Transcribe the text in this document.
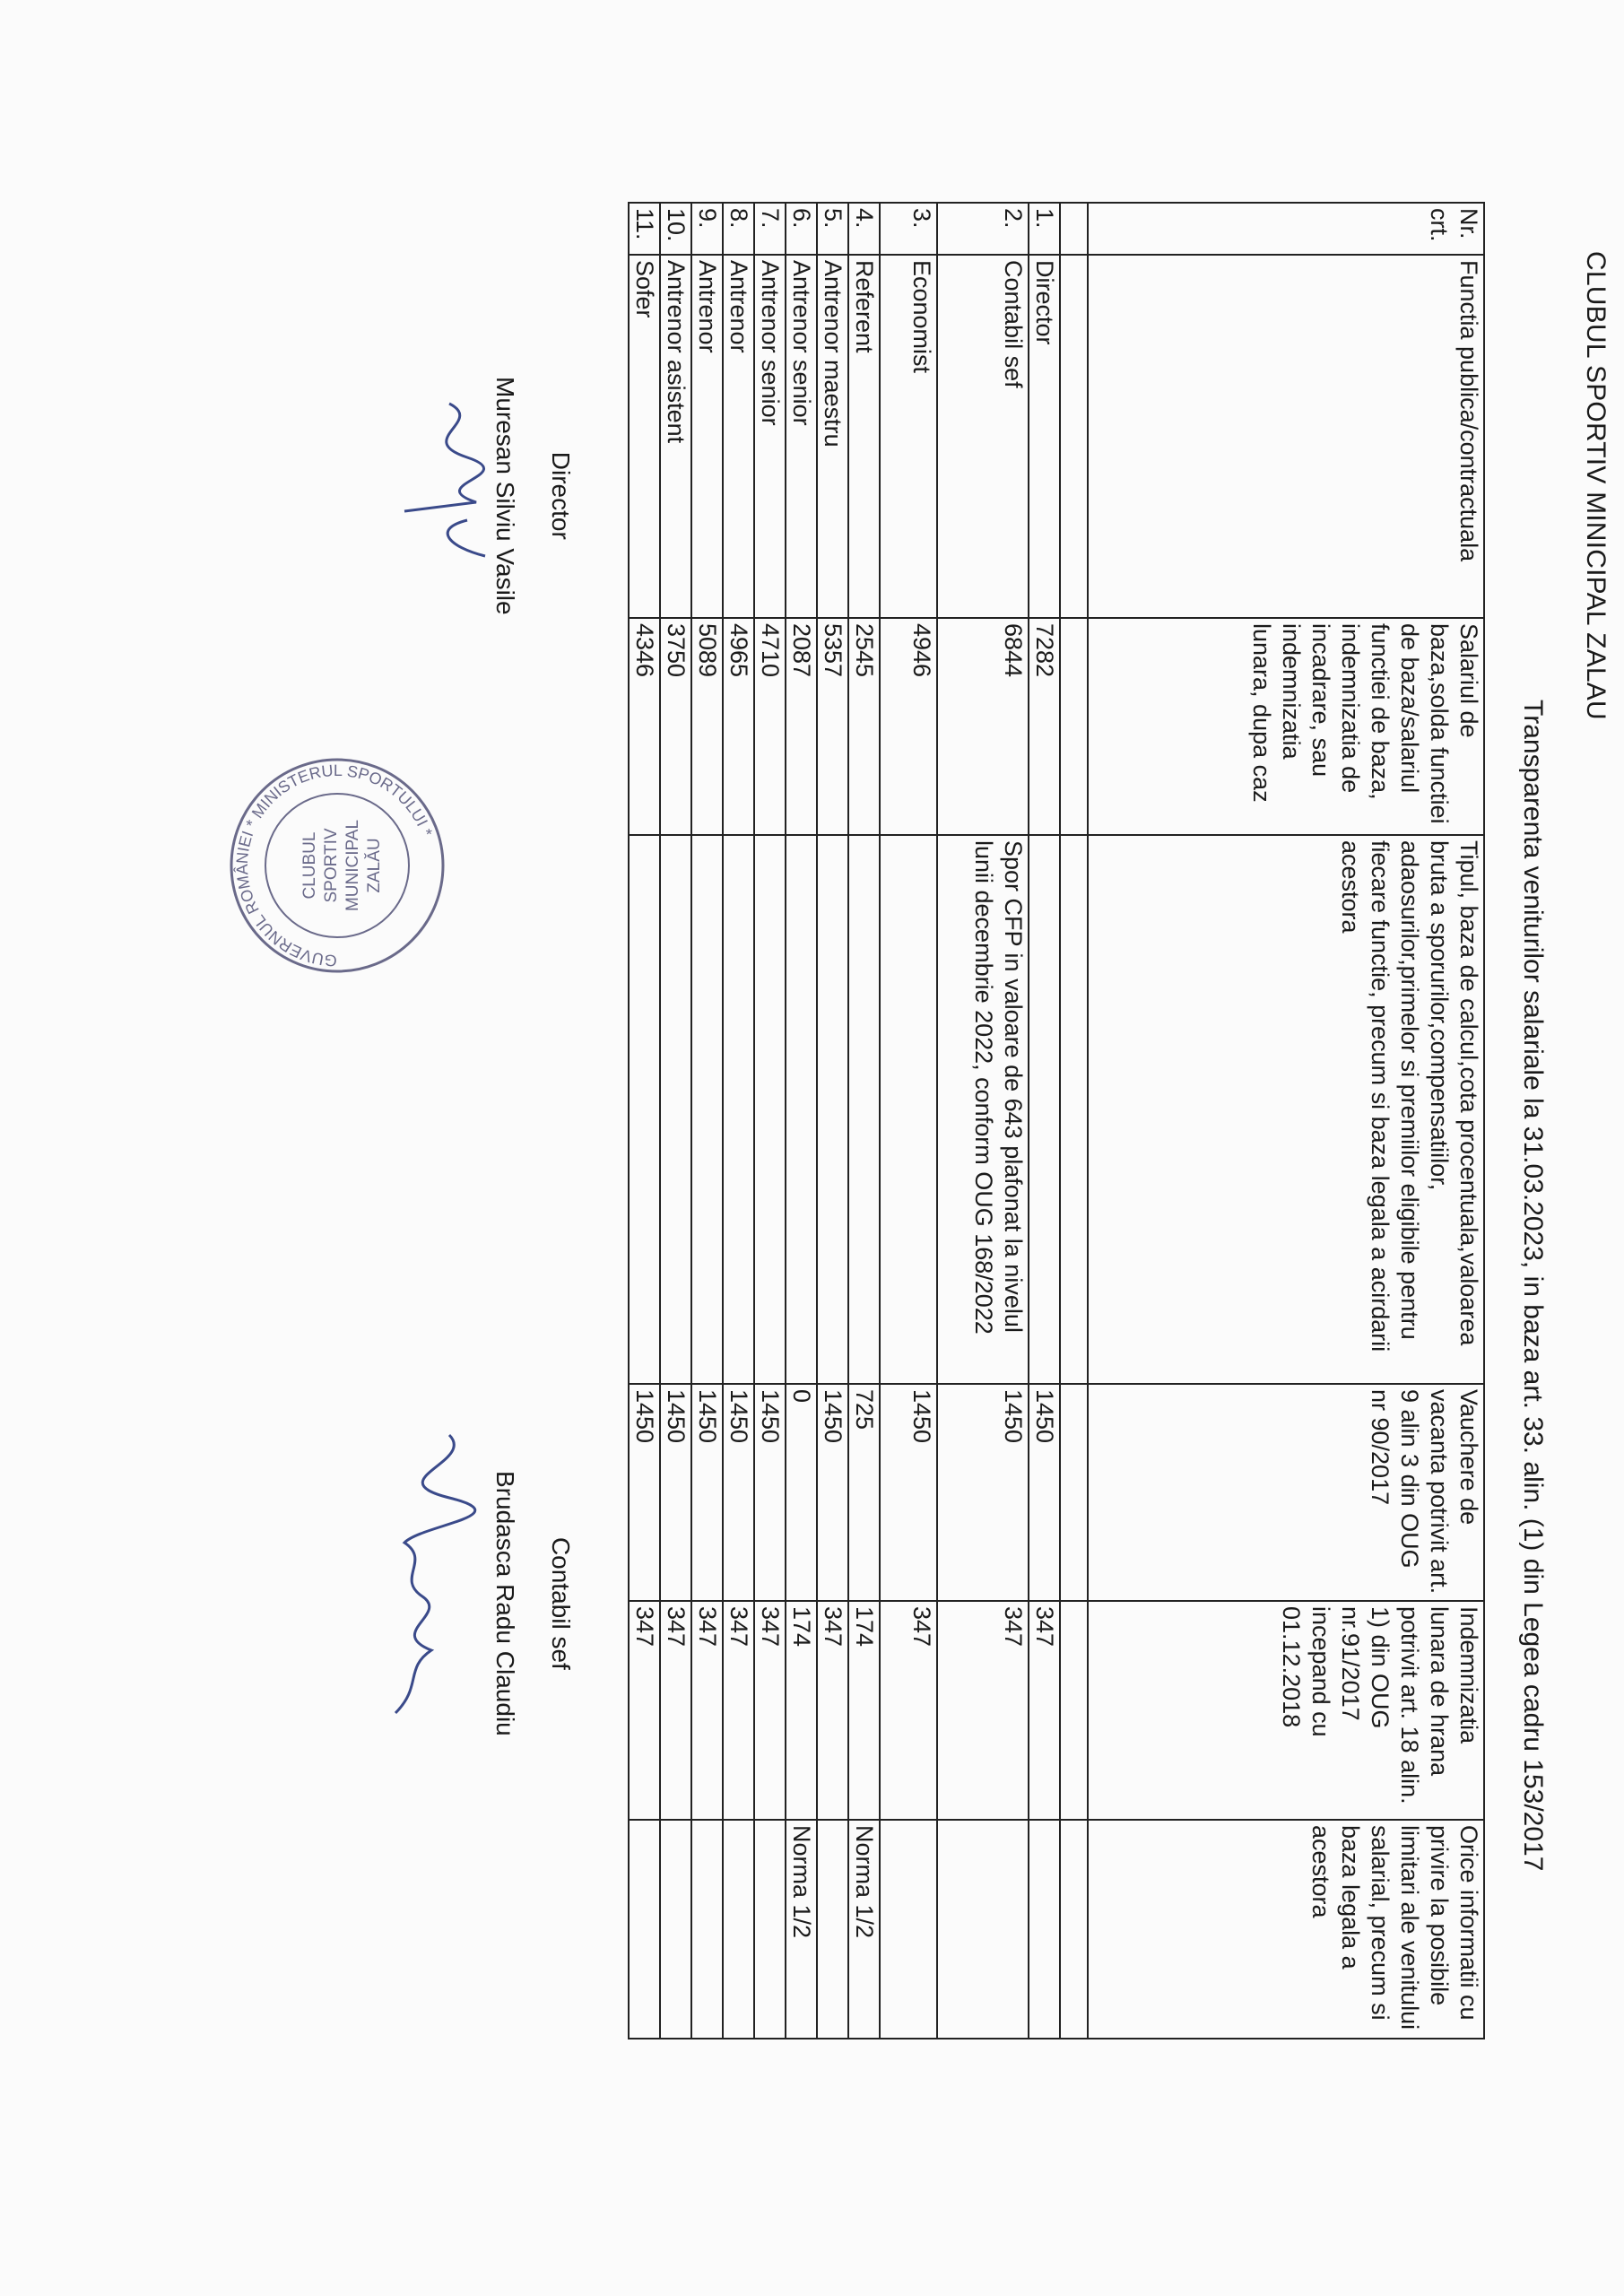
CLUBUL SPORTIV MINICIPAL ZALAU
Transparenta veniturilor salariale la 31.03.2023, in baza art. 33. alin. (1) din Legea cadru 153/2017
Nr. crt.	Functia publica/contractuala	Salariul de baza,solda functiei de baza/salariul functiei de baza, indemnizatia de incadrare, sau indemnizatia lunara, dupa caz	Tipul, baza de calcul,cota procentuala,valoarea bruta a sporurilor,compensatiilor, adaosurilor,primelor si premiilor eligibile pentru fiecare functie, precum si baza legala a acirdarii acestora	Vauchere de vacanta potrivit art. 9 alin 3 din OUG nr 90/2017	Indemnizatia lunara de hrana potrivit art. 18 alin. 1) din OUG nr.91/2017 incepand cu 01.12.2018	Orice informatii cu privire la posibile limitari ale venitului salarial, precum si baza legala a acestora

1.	Director	7282		1450	347	
2.	Contabil sef	6844	Spor CFP in valoare de 643 plafonat la nivelul lunii decembrie 2022, conform OUG 168/2022	1450	347	
3.	Economist	4946		1450	347	
4.	Referent	2545		725	174	Norma 1/2
5.	Antrenor maestru	5357		1450	347	
6.	Antrenor senior	2087		0	174	Norma 1/2
7.	Antrenor senior	4710		1450	347	
8.	Antrenor	4965		1450	347	
9.	Antrenor	5089		1450	347	
10.	Antrenor asistent	3750		1450	347	
11.	Sofer	4346		1450	347	
Director
Muresan Silviu Vasile
Contabil sef
Brudasca Radu Claudiu
GUVERNUL ROMÂNIEI * MINISTERUL SPORTULUI *
CLUBUL SPORTIV MUNICIPAL ZALĂU
